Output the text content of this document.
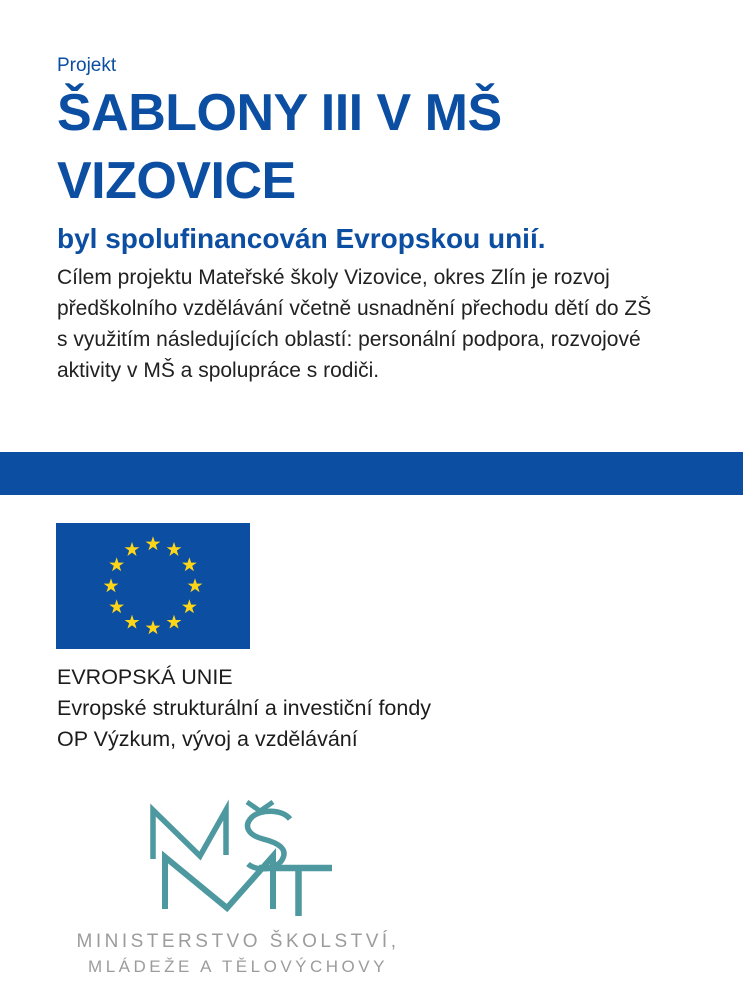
Projekt
ŠABLONY III V MŠ
VIZOVICE
byl spolufinancován Evropskou unií.
Cílem projektu Mateřské školy Vizovice, okres Zlín je rozvoj
předškolního vzdělávání včetně usnadnění přechodu dětí do ZŠ
s využitím následujících oblastí: personální podpora, rozvojové
aktivity v MŠ a spolupráce s rodiči.
EVROPSKÁ UNIE
Evropské strukturální a investiční fondy
OP Výzkum, vývoj a vzdělávání
MINISTERSTVO ŠKOLSTVÍ,
MLÁDEŽE A TĚLOVÝCHOVY
